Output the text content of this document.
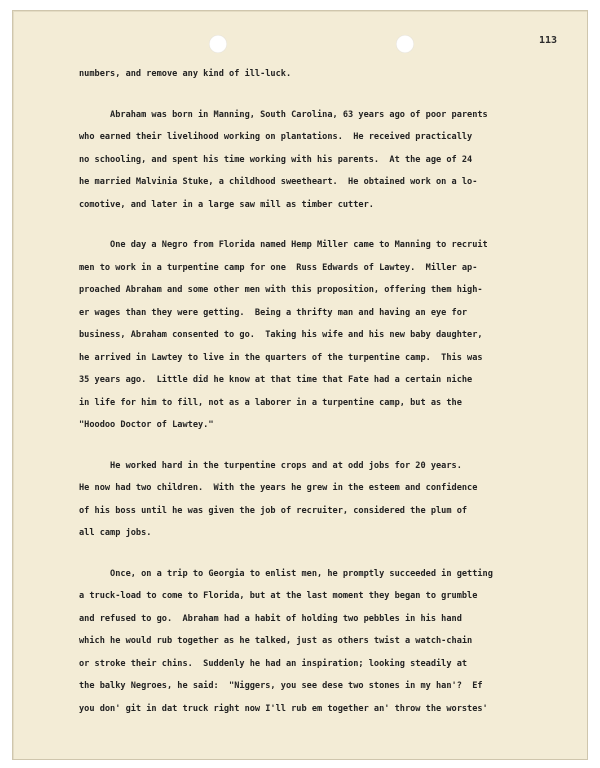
113
numbers, and remove any kind of ill-luck.
Abraham was born in Manning, South Carolina, 63 years ago of poor parents
who earned their livelihood working on plantations.  He received practically
no schooling, and spent his time working with his parents.  At the age of 24
he married Malvinia Stuke, a childhood sweetheart.  He obtained work on a lo-
comotive, and later in a large saw mill as timber cutter.
One day a Negro from Florida named Hemp Miller came to Manning to recruit
men to work in a turpentine camp for one  Russ Edwards of Lawtey.  Miller ap-
proached Abraham and some other men with this proposition, offering them high-
er wages than they were getting.  Being a thrifty man and having an eye for
business, Abraham consented to go.  Taking his wife and his new baby daughter,
he arrived in Lawtey to live in the quarters of the turpentine camp.  This was
35 years ago.  Little did he know at that time that Fate had a certain niche
in life for him to fill, not as a laborer in a turpentine camp, but as the
"Hoodoo Doctor of Lawtey."
He worked hard in the turpentine crops and at odd jobs for 20 years.
He now had two children.  With the years he grew in the esteem and confidence
of his boss until he was given the job of recruiter, considered the plum of
all camp jobs.
Once, on a trip to Georgia to enlist men, he promptly succeeded in getting
a truck-load to come to Florida, but at the last moment they began to grumble
and refused to go.  Abraham had a habit of holding two pebbles in his hand
which he would rub together as he talked, just as others twist a watch-chain
or stroke their chins.  Suddenly he had an inspiration; looking steadily at
the balky Negroes, he said:  "Niggers, you see dese two stones in my han'?  Ef
you don' git in dat truck right now I'll rub em together an' throw the worstes'
